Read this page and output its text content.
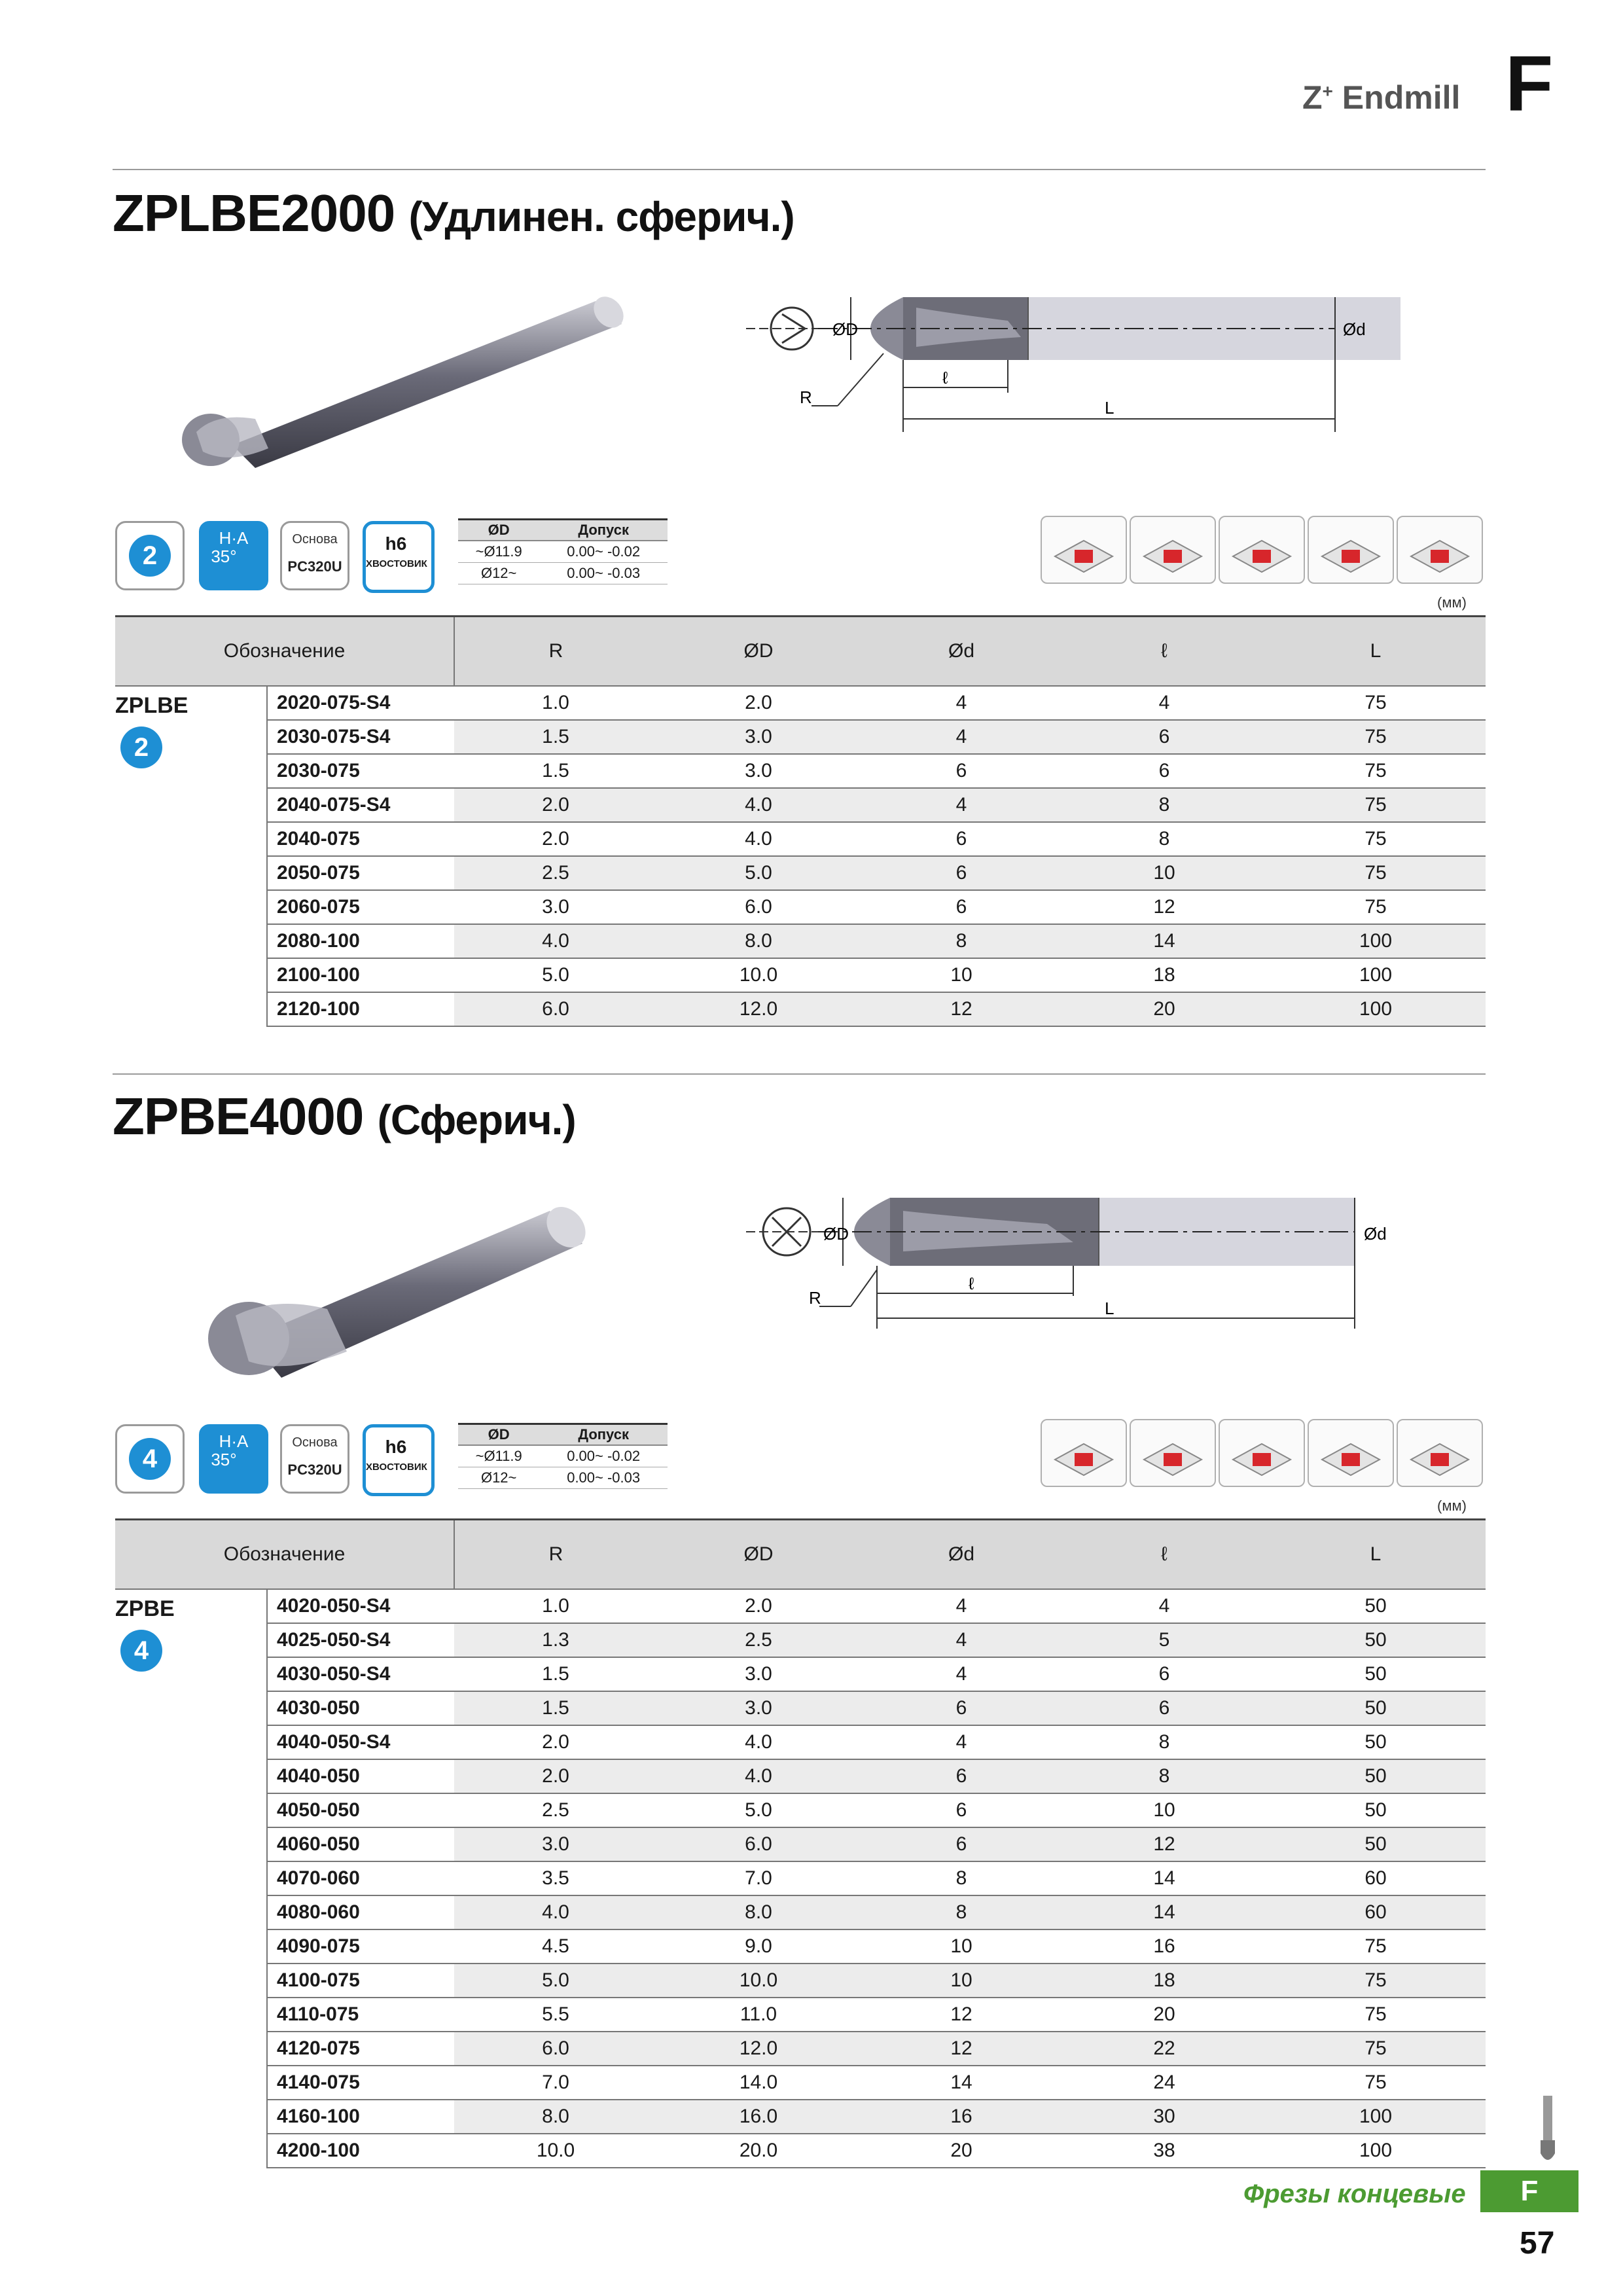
Z+ Endmill F
ZPLBE2000 (Удлинен. сферич.)
ØD	Ød
ℓ
R
L
2
H·A
35°
Основа
PC320U
h6
ХВОСТОВИК
ØD	Допуск
~Ø11.9	0.00~ -0.02
Ø12~	0.00~ -0.03
(мм)
Обозначение		R	ØD	Ød	ℓ	L
ZPLBE
2	2020-075-S4	1.0	2.0	4	4	75
	2030-075-S4	1.5	3.0	4	6	75
	2030-075	1.5	3.0	6	6	75
	2040-075-S4	2.0	4.0	4	8	75
	2040-075	2.0	4.0	6	8	75
	2050-075	2.5	5.0	6	10	75
	2060-075	3.0	6.0	6	12	75
	2080-100	4.0	8.0	8	14	100
	2100-100	5.0	10.0	10	18	100
	2120-100	6.0	12.0	12	20	100
ZPBE4000 (Сферич.)
ØD	Ød
ℓ
R
L
4
H·A
35°
Основа
PC320U
h6
ХВОСТОВИК
ØD	Допуск
~Ø11.9	0.00~ -0.02
Ø12~	0.00~ -0.03
(мм)
Обозначение		R	ØD	Ød	ℓ	L
ZPBE
4	4020-050-S4	1.0	2.0	4	4	50
	4025-050-S4	1.3	2.5	4	5	50
	4030-050-S4	1.5	3.0	4	6	50
	4030-050	1.5	3.0	6	6	50
	4040-050-S4	2.0	4.0	4	8	50
	4040-050	2.0	4.0	6	8	50
	4050-050	2.5	5.0	6	10	50
	4060-050	3.0	6.0	6	12	50
	4070-060	3.5	7.0	8	14	60
	4080-060	4.0	8.0	8	14	60
	4090-075	4.5	9.0	10	16	75
	4100-075	5.0	10.0	10	18	75
	4110-075	5.5	11.0	12	20	75
	4120-075	6.0	12.0	12	22	75
	4140-075	7.0	14.0	14	24	75
	4160-100	8.0	16.0	16	30	100
	4200-100	10.0	20.0	20	38	100
Фрезы концевые	F
57
